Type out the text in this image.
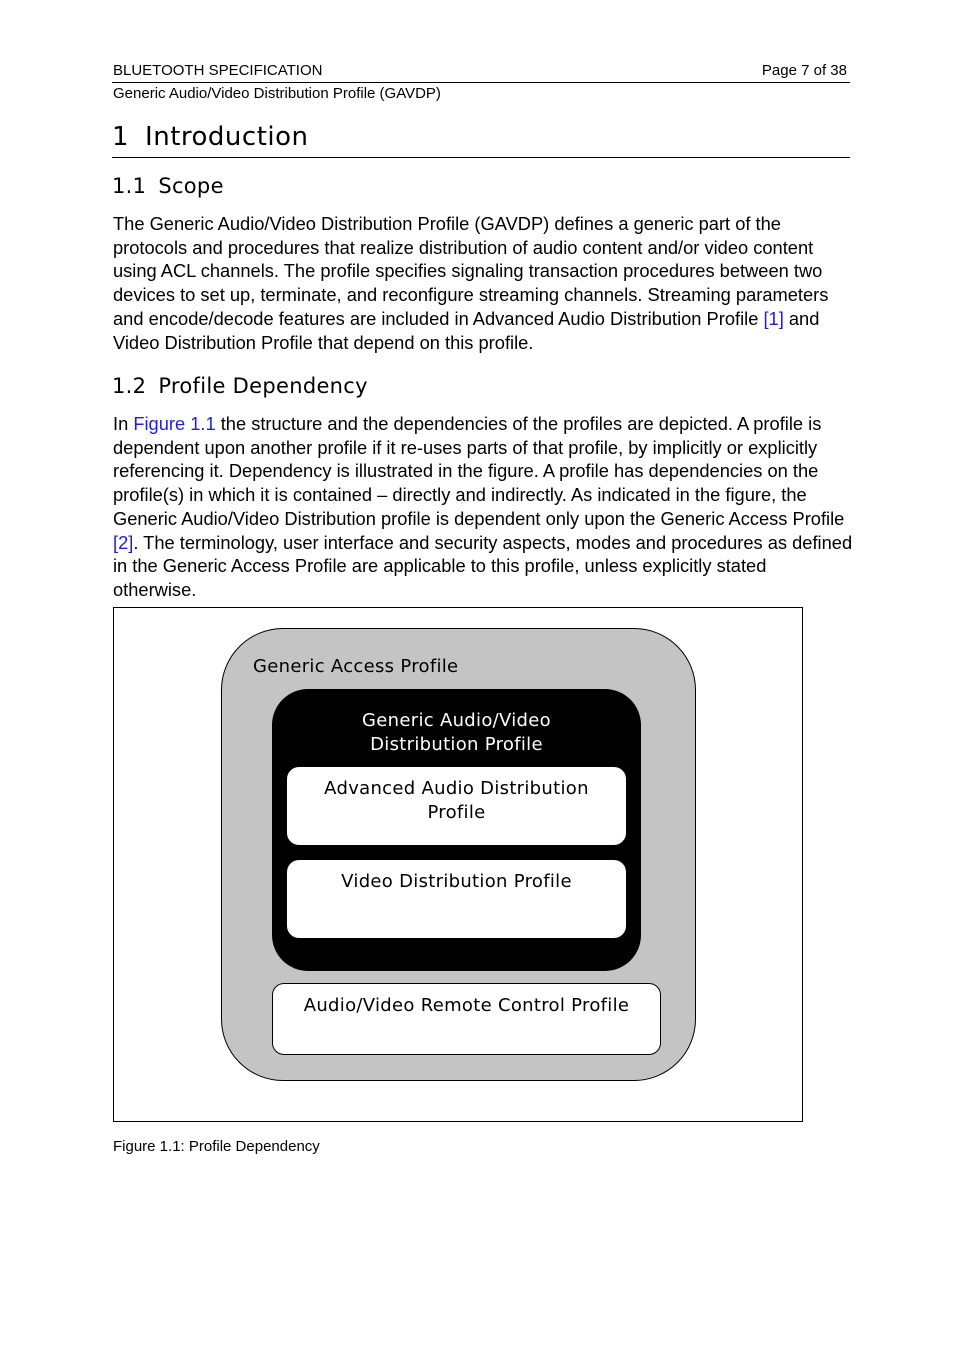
BLUETOOTH SPECIFICATION	Page 7 of 38
Generic Audio/Video Distribution Profile (GAVDP)
1 Introduction
1.1 Scope
The Generic Audio/Video Distribution Profile (GAVDP) defines a generic part of the protocols and procedures that realize distribution of audio content and/or video content using ACL channels. The profile specifies signaling transaction procedures between two devices to set up, terminate, and reconfigure streaming channels. Streaming parameters and encode/decode features are included in Advanced Audio Distribution Profile [1] and Video Distribution Profile that depend on this profile.
1.2 Profile Dependency
In Figure 1.1 the structure and the dependencies of the profiles are depicted. A profile is dependent upon another profile if it re-uses parts of that profile, by implicitly or explicitly referencing it. Dependency is illustrated in the figure. A profile has dependencies on the profile(s) in which it is contained – directly and indirectly. As indicated in the figure, the Generic Audio/Video Distribution profile is dependent only upon the Generic Access Profile [2]. The terminology, user interface and security aspects, modes and procedures as defined in the Generic Access Profile are applicable to this profile, unless explicitly stated otherwise.
Generic Access Profile
Generic Audio/Video
Distribution Profile
Advanced Audio Distribution
Profile
Video Distribution Profile
Audio/Video Remote Control Profile
Figure 1.1: Profile Dependency
